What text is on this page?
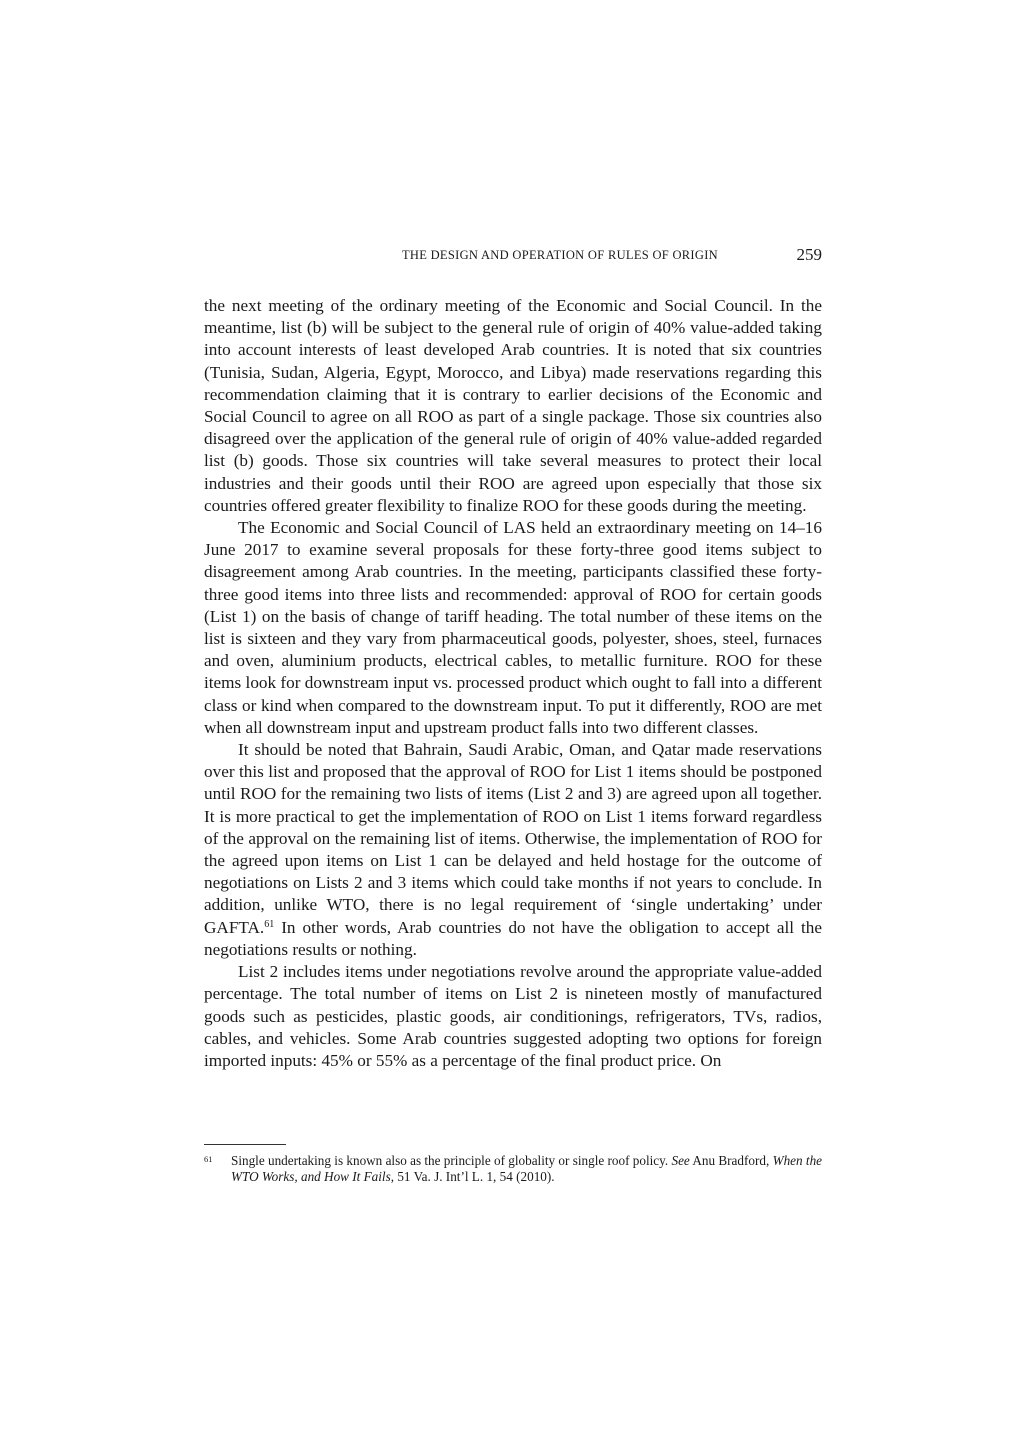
THE DESIGN AND OPERATION OF RULES OF ORIGIN	259

the next meeting of the ordinary meeting of the Economic and Social Council. In the meantime, list (b) will be subject to the general rule of origin of 40% value-added taking into account interests of least developed Arab countries. It is noted that six countries (Tunisia, Sudan, Algeria, Egypt, Morocco, and Libya) made reservations regarding this recommendation claiming that it is contrary to earlier decisions of the Economic and Social Council to agree on all ROO as part of a single package. Those six countries also disagreed over the application of the general rule of origin of 40% value-added regarded list (b) goods. Those six countries will take several measures to protect their local industries and their goods until their ROO are agreed upon especially that those six countries offered greater flexibility to finalize ROO for these goods during the meeting.

The Economic and Social Council of LAS held an extraordinary meeting on 14–16 June 2017 to examine several proposals for these forty-three good items subject to disagreement among Arab countries. In the meeting, participants classified these forty-three good items into three lists and recommended: approval of ROO for certain goods (List 1) on the basis of change of tariff heading. The total number of these items on the list is sixteen and they vary from pharmaceutical goods, polyester, shoes, steel, furnaces and oven, aluminium products, electrical cables, to metallic furniture. ROO for these items look for downstream input vs. processed product which ought to fall into a different class or kind when compared to the downstream input. To put it differently, ROO are met when all downstream input and upstream product falls into two different classes.

It should be noted that Bahrain, Saudi Arabic, Oman, and Qatar made reservations over this list and proposed that the approval of ROO for List 1 items should be postponed until ROO for the remaining two lists of items (List 2 and 3) are agreed upon all together. It is more practical to get the implementation of ROO on List 1 items forward regardless of the approval on the remaining list of items. Otherwise, the implementation of ROO for the agreed upon items on List 1 can be delayed and held hostage for the outcome of negotiations on Lists 2 and 3 items which could take months if not years to conclude. In addition, unlike WTO, there is no legal requirement of ‘single undertaking’ under GAFTA.$^{61}$ In other words, Arab countries do not have the obligation to accept all the negotiations results or nothing.

List 2 includes items under negotiations revolve around the appropriate value-added percentage. The total number of items on List 2 is nineteen mostly of manufactured goods such as pesticides, plastic goods, air conditionings, refrigerators, TVs, radios, cables, and vehicles. Some Arab countries suggested adopting two options for foreign imported inputs: 45% or 55% as a percentage of the final product price. On

61 Single undertaking is known also as the principle of globality or single roof policy. See Anu Bradford, When the WTO Works, and How It Fails, 51 Va. J. Int’l L. 1, 54 (2010).
